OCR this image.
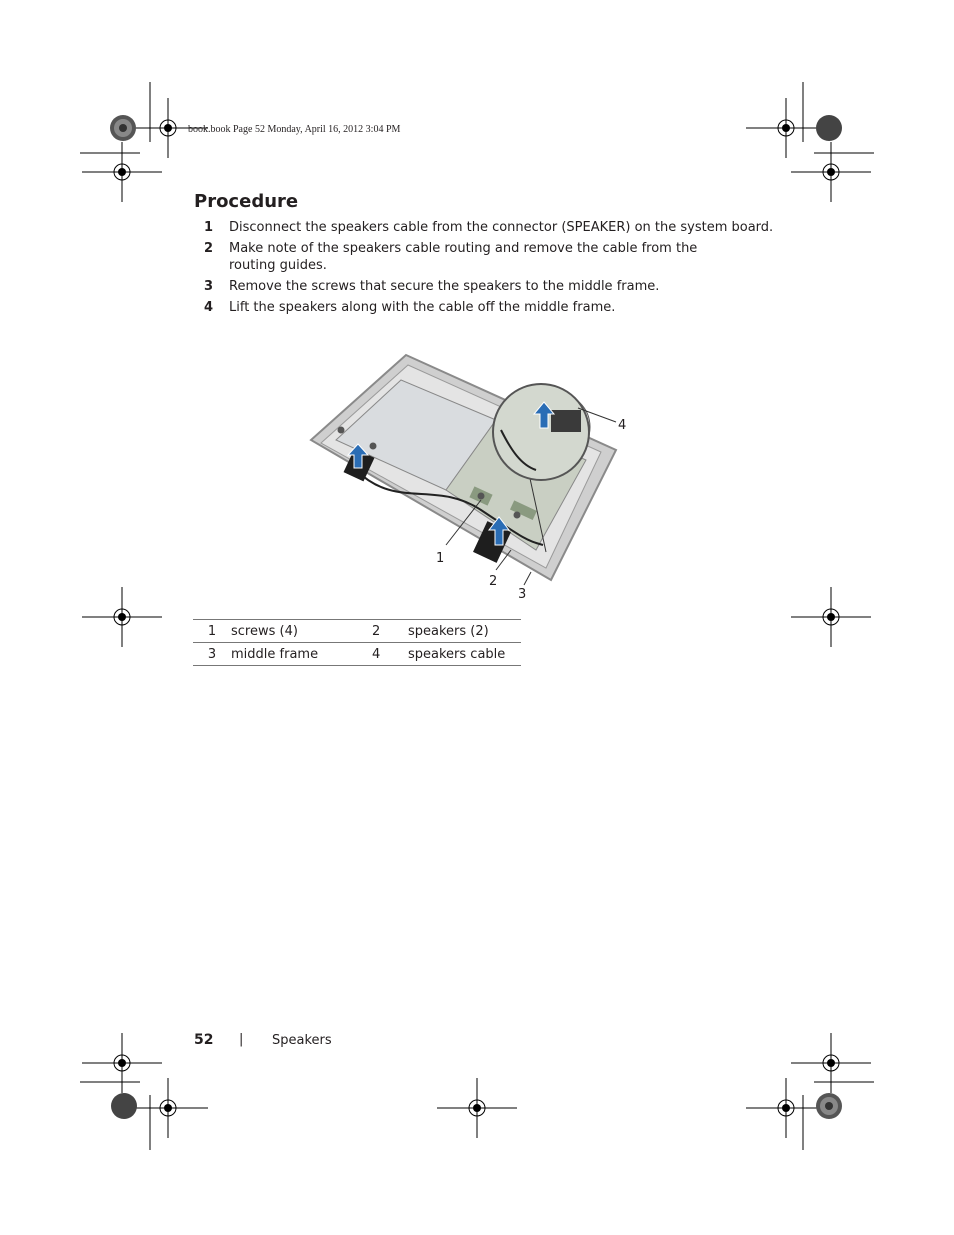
book.book Page 52 Monday, April 16, 2012 3:04 PM
Procedure
1	Disconnect the speakers cable from the connector (SPEAKER) on the system board.
2	Make note of the speakers cable routing and remove the cable from the routing guides.
3	Remove the screws that secure the speakers to the middle frame.
4	Lift the speakers along with the cable off the middle frame.
1
2
3
4
1	screws (4)	2	speakers (2)
3	middle frame	4	speakers cable
52 | Speakers
